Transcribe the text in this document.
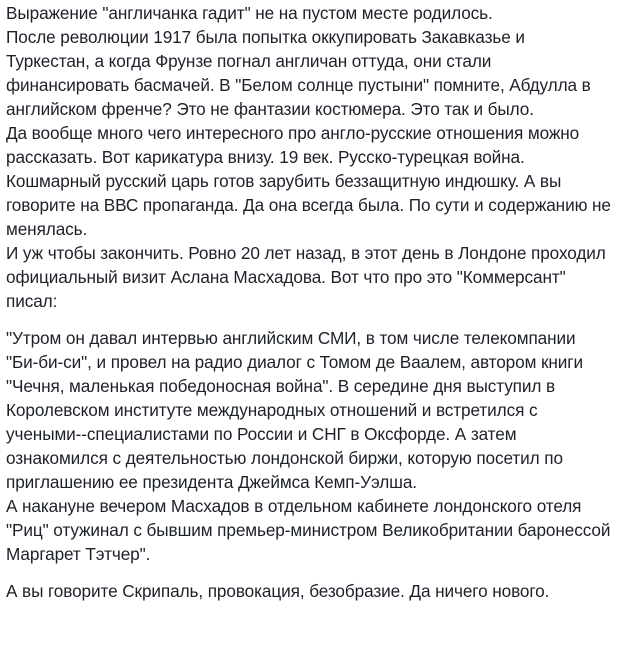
Выражение "англичанка гадит" не на пустом месте родилось.

После революции 1917 была попытка оккупировать Закавказье и Туркестан, а когда Фрунзе погнал англичан оттуда, они стали финансировать басмачей. В "Белом солнце пустыни" помните, Абдулла в английском френче? Это не фантазии костюмера. Это так и было.

Да вообще много чего интересного про англо-русские отношения можно рассказать. Вот карикатура внизу. 19 век. Русско-турецкая война. Кошмарный русский царь готов зарубить беззащитную индюшку. А вы говорите на ВВС пропаганда. Да она всегда была. По сути и содержанию не менялась.

И уж чтобы закончить. Ровно 20 лет назад, в этот день в Лондоне проходил официальный визит Аслана Масхадова. Вот что про это "Коммерсант" писал:

"Утром он давал интервью английским СМИ, в том числе телекомпании "Би-би-си", и провел на радио диалог с Томом де Ваалем, автором книги "Чечня, маленькая победоносная война". В середине дня выступил в Королевском институте международных отношений и встретился с учеными--специалистами по России и СНГ в Оксфорде. А затем ознакомился с деятельностью лондонской биржи, которую посетил по приглашению ее президента Джеймса Кемп-Уэлша.

А накануне вечером Масхадов в отдельном кабинете лондонского отеля "Риц" отужинал с бывшим премьер-министром Великобритании баронессой Маргарет Тэтчер".

А вы говорите Скрипаль, провокация, безобразие. Да ничего нового.
